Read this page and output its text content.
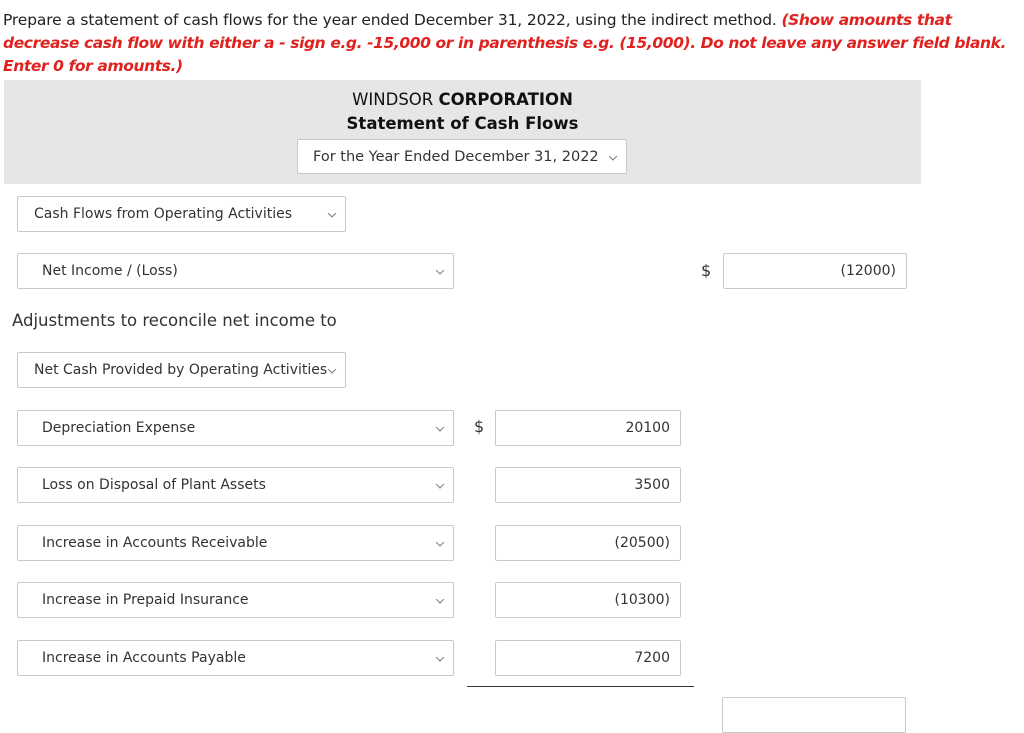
Prepare a statement of cash flows for the year ended December 31, 2022, using the indirect method. (Show amounts that decrease cash flow with either a - sign e.g. -15,000 or in parenthesis e.g. (15,000). Do not leave any answer field blank. Enter 0 for amounts.)
WINDSOR CORPORATION
Statement of Cash Flows
For the Year Ended December 31, 2022
Cash Flows from Operating Activities
Net Income / (Loss)	$	(12000)
Adjustments to reconcile net income to
Net Cash Provided by Operating Activities
Depreciation Expense	$	20100
Loss on Disposal of Plant Assets	3500
Increase in Accounts Receivable	(20500)
Increase in Prepaid Insurance	(10300)
Increase in Accounts Payable	7200
